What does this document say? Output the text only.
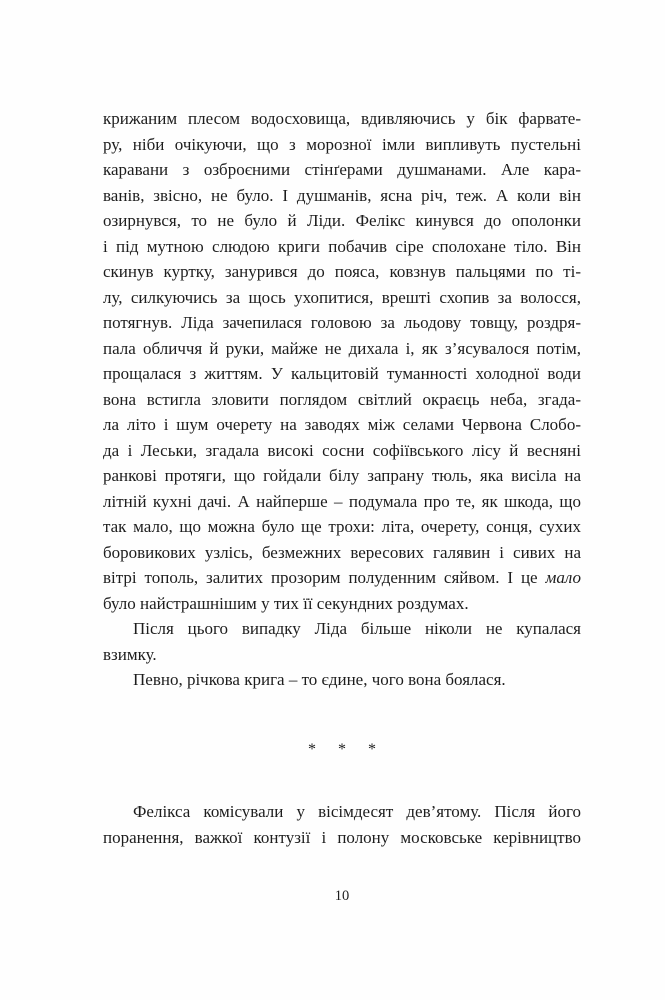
крижаним плесом водосховища, вдивляючись у бік фарвате-
ру, ніби очікуючи, що з морозної імли випливуть пустельні
каравани з озброєними стінґерами душманами. Але кара-
ванів, звісно, не було. І душманів, ясна річ, теж. А коли він
озирнувся, то не було й Ліди. Фелікс кинувся до ополонки
і під мутною слюдою криги побачив сіре сполохане тіло. Він
скинув куртку, занурився до пояса, ковзнув пальцями по ті-
лу, силкуючись за щось ухопитися, врешті схопив за волосся,
потягнув. Ліда зачепилася головою за льодову товщу, роздря-
пала обличчя й руки, майже не дихала і, як з’ясувалося потім,
прощалася з життям. У кальцитовій туманності холодної води
вона встигла зловити поглядом світлий окраєць неба, згада-
ла літо і шум очерету на заводях між селами Червона Слобо-
да і Леськи, згадала високі сосни софіївського лісу й весняні
ранкові протяги, що гойдали білу запрану тюль, яка висіла на
літній кухні дачі. А найперше – подумала про те, як шкода, що
так мало, що можна було ще трохи: літа, очерету, сонця, сухих
боровикових узлісь, безмежних вересових галявин і сивих на
вітрі тополь, залитих прозорим полуденним сяйвом. І це мало
було найстрашнішим у тих її секундних роздумах.
Після цього випадку Ліда більше ніколи не купалася
взимку.
Певно, річкова крига – то єдине, чого вона боялася.
* * *
Фелікса комісували у вісімдесят дев’ятому. Після його
поранення, важкої контузії і полону московське керівництво
10
